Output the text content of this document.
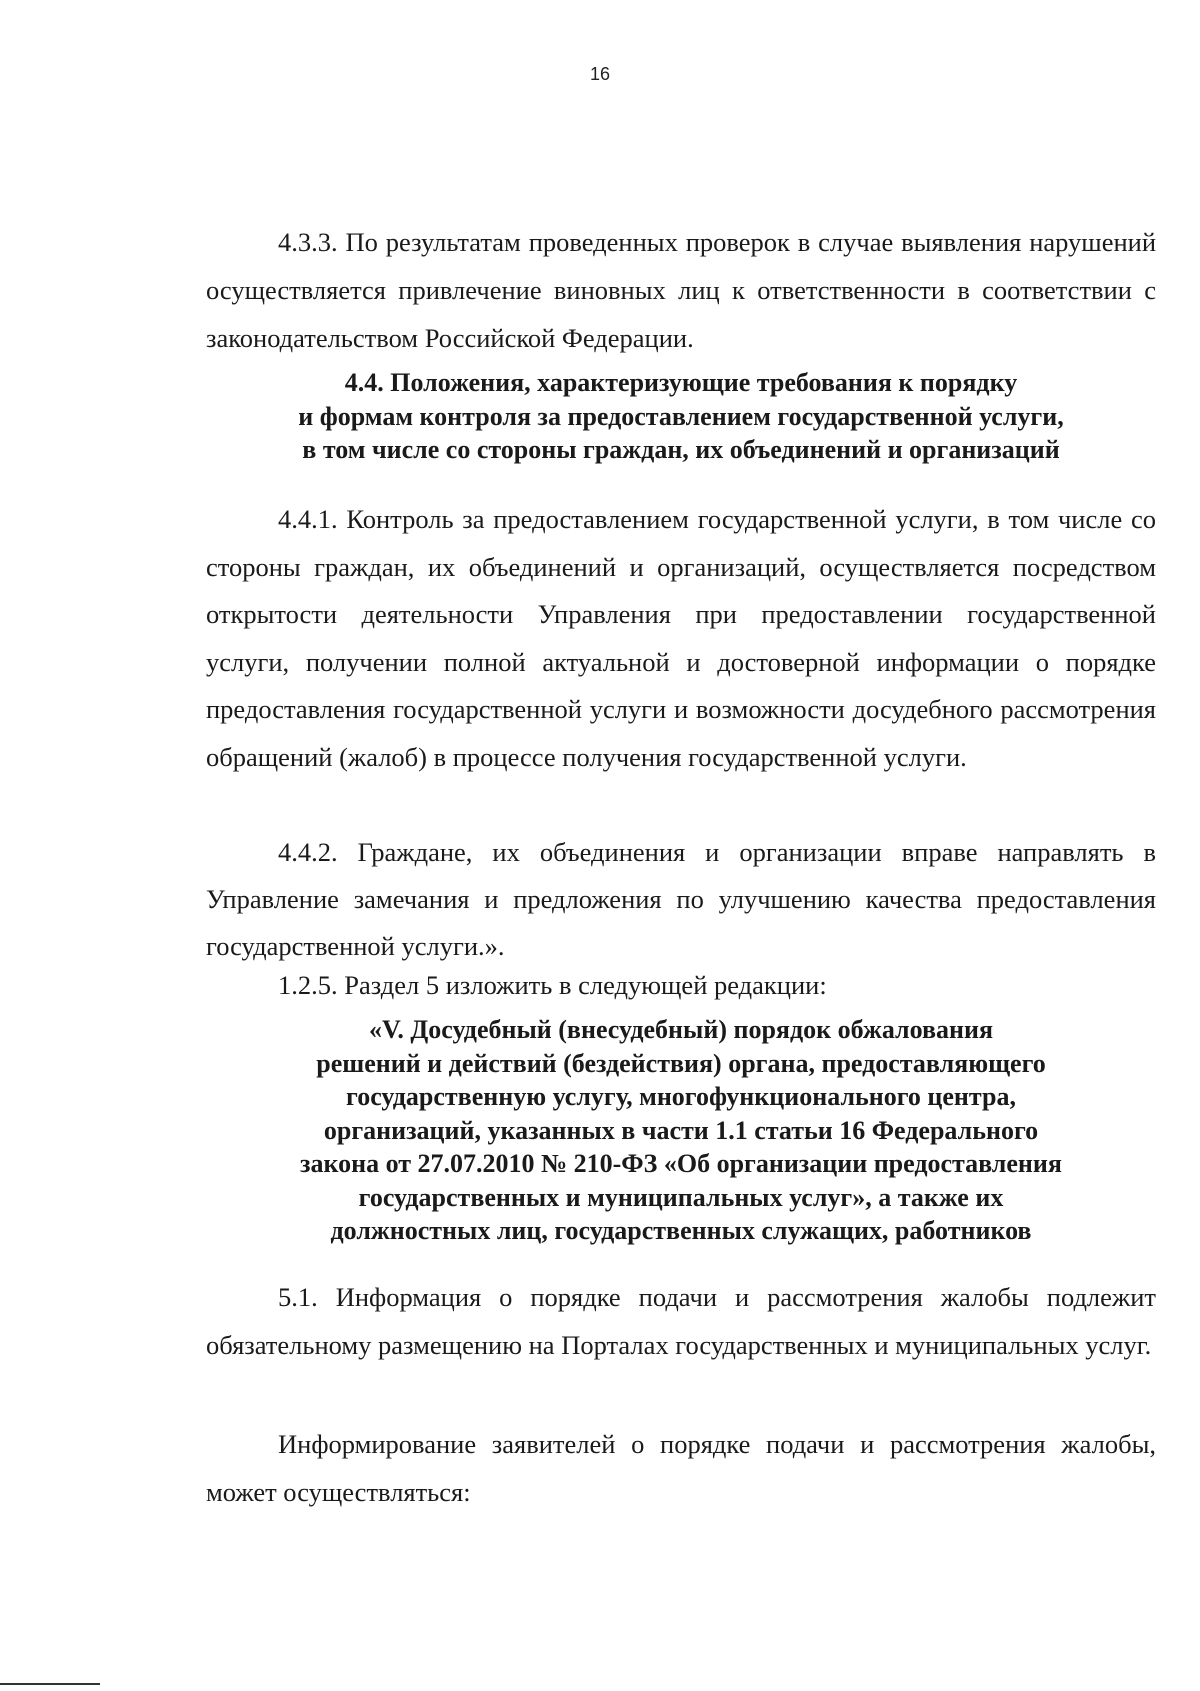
16

4.3.3. По результатам проведенных проверок в случае выявления нарушений осуществляется привлечение виновных лиц к ответственности в соответствии с законодательством Российской Федерации.

4.4. Положения, характеризующие требования к порядку
и формам контроля за предоставлением государственной услуги,
в том числе со стороны граждан, их объединений и организаций

4.4.1. Контроль за предоставлением государственной услуги, в том числе со стороны граждан, их объединений и организаций, осуществляется посредством открытости деятельности Управления при предоставлении государственной услуги, получении полной актуальной и достоверной информации о порядке предоставления государственной услуги и возможности досудебного рассмотрения обращений (жалоб) в процессе получения государственной услуги.

4.4.2. Граждане, их объединения и организации вправе направлять в Управление замечания и предложения по улучшению качества предоставления государственной услуги.».

1.2.5. Раздел 5 изложить в следующей редакции:

«V. Досудебный (внесудебный) порядок обжалования
решений и действий (бездействия) органа, предоставляющего
государственную услугу, многофункционального центра,
организаций, указанных в части 1.1 статьи 16 Федерального
закона от 27.07.2010 № 210-ФЗ «Об организации предоставления
государственных и муниципальных услуг», а также их
должностных лиц, государственных служащих, работников

5.1. Информация о порядке подачи и рассмотрения жалобы подлежит обязательному размещению на Порталах государственных и муниципальных услуг.

Информирование заявителей о порядке подачи и рассмотрения жалобы, может осуществляться:
